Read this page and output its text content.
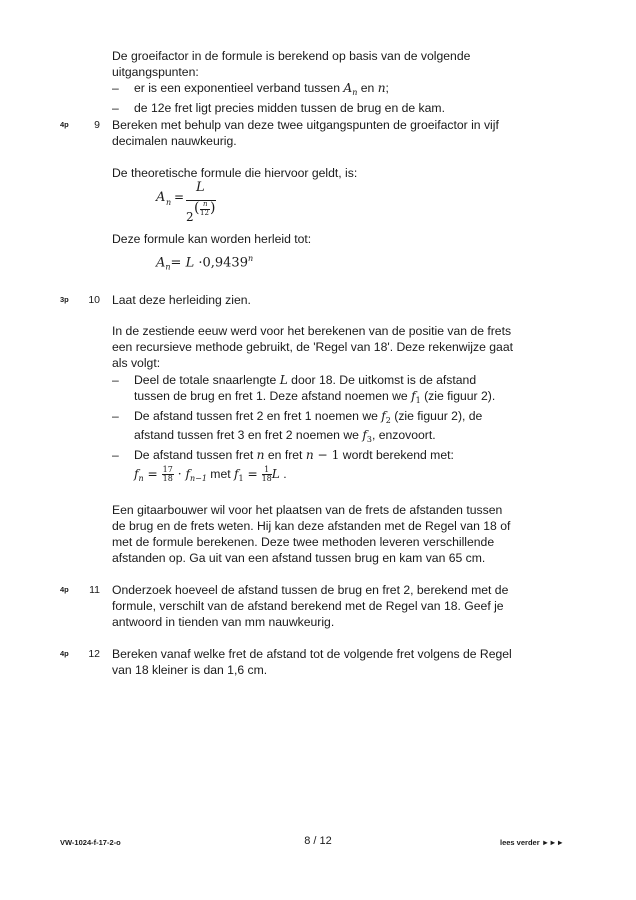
De groeifactor in de formule is berekend op basis van de volgende
uitgangspunten:
– er is een exponentieel verband tussen $A_n$ en n;
– de 12e fret ligt precies midden tussen de brug en de kam.
4p	9 Bereken met behulp van deze twee uitgangspunten de groeifactor in vijf
decimalen nauwkeurig.
De theoretische formule die hiervoor geldt, is:
A n =
L
2
( )
n
12
Deze formule kan worden herleid tot:
$A_n= L \cdot 0,9439^n$
3p	10 Laat deze herleiding zien.
In de zestiende eeuw werd voor het berekenen van de positie van de frets
een recursieve methode gebruikt, de 'Regel van 18'. Deze rekenwijze gaat
als volgt:
– Deel de totale snaarlengte L door 18. De uitkomst is de afstand
tussen de brug en fret 1. Deze afstand noemen we $f_1$ (zie figuur 2).
– De afstand tussen fret 2 en fret 1 noemen we $f_2$ (zie figuur 2), de
afstand tussen fret 3 en fret 2 noemen we $f_3$, enzovoort.
– De afstand tussen fret n en fret n − 1 wordt berekend met:
$f_n = \frac{17}{18} \cdot f_{n-1}$ met $f_1 = \frac{1}{18}$ L .
Een gitaarbouwer wil voor het plaatsen van de frets de afstanden tussen
de brug en de frets weten. Hij kan deze afstanden met de Regel van 18 of
met de formule berekenen. Deze twee methoden leveren verschillende
afstanden op. Ga uit van een afstand tussen brug en kam van 65 cm.
4p	11 Onderzoek hoeveel de afstand tussen de brug en fret 2, berekend met de
formule, verschilt van de afstand berekend met de Regel van 18. Geef je
antwoord in tienden van mm nauwkeurig.
4p	12 Bereken vanaf welke fret de afstand tot de volgende fret volgens de Regel
van 18 kleiner is dan 1,6 cm.
VW-1024-f-17-2-o	8 / 12	lees verder ►►►
